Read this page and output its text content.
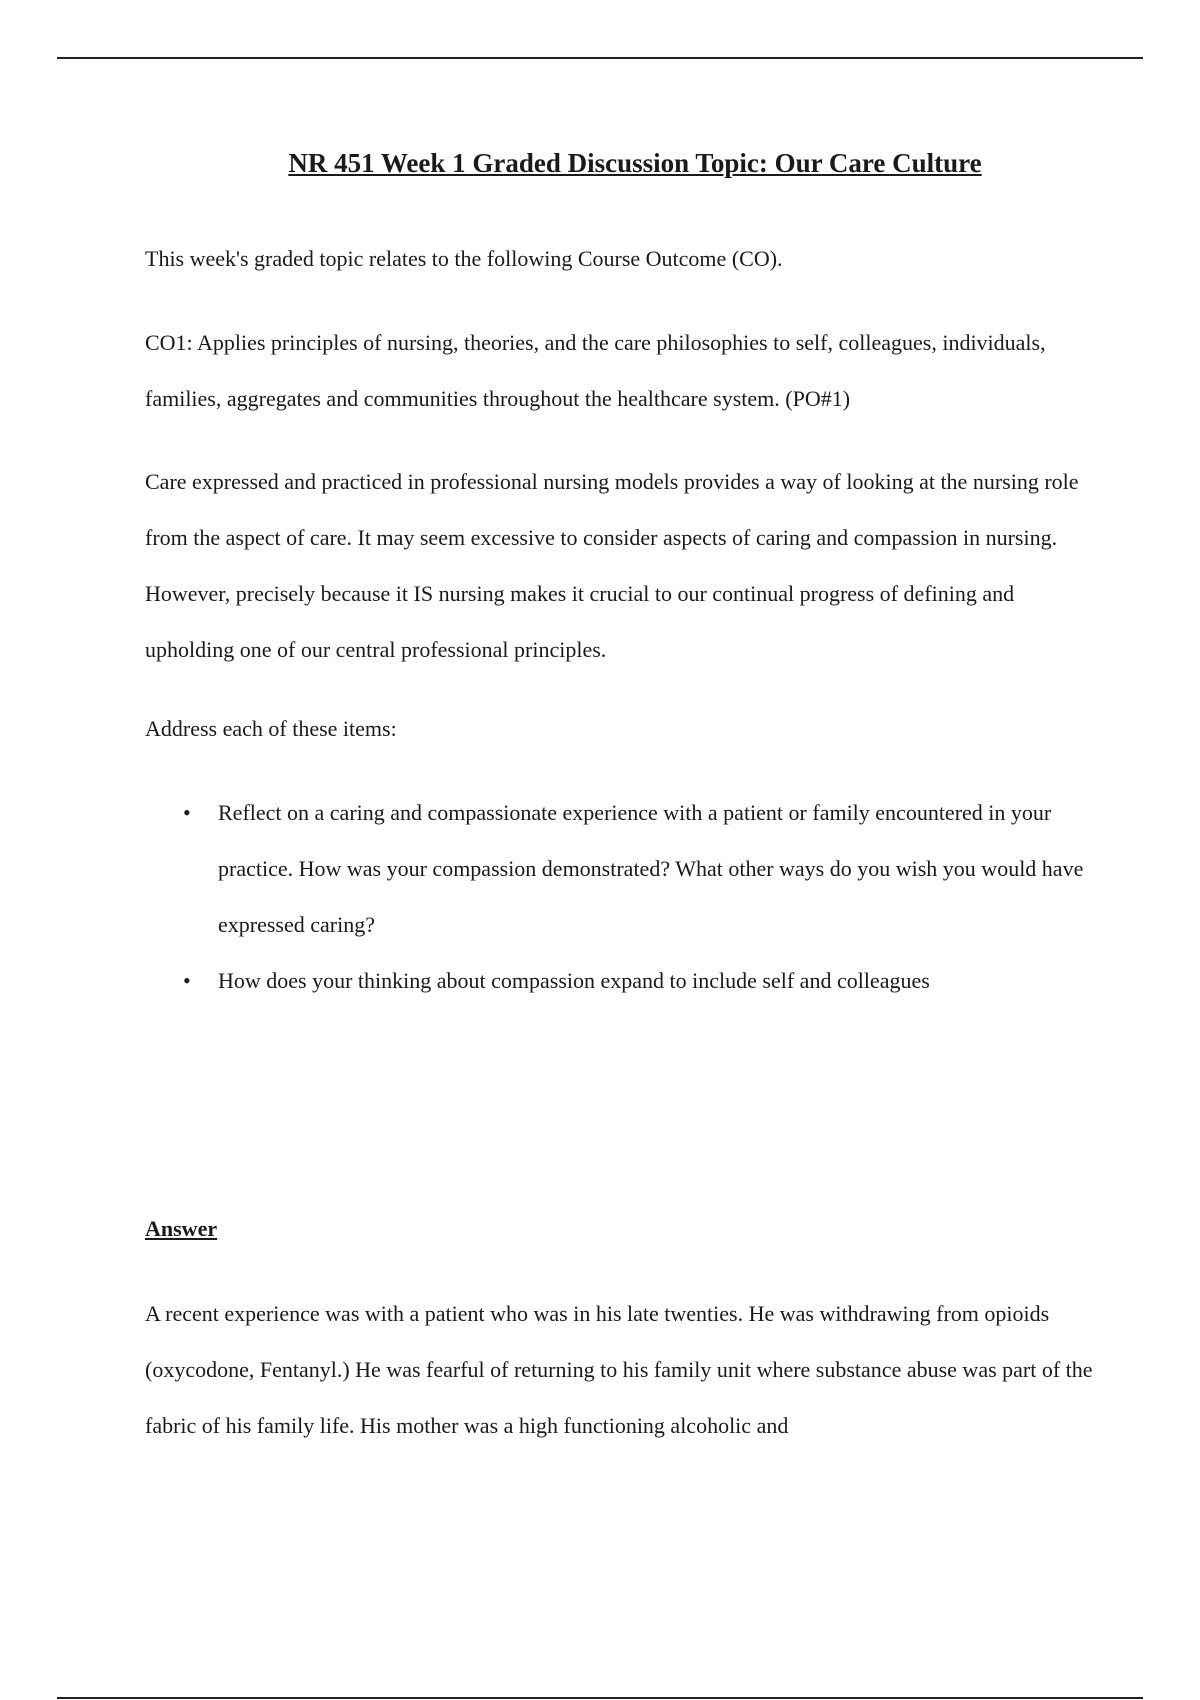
NR 451 Week 1 Graded Discussion Topic: Our Care Culture

This week's graded topic relates to the following Course Outcome (CO).

CO1: Applies principles of nursing, theories, and the care philosophies to self, colleagues, individuals, families, aggregates and communities throughout the healthcare system. (PO#1)

Care expressed and practiced in professional nursing models provides a way of looking at the nursing role from the aspect of care. It may seem excessive to consider aspects of caring and compassion in nursing. However, precisely because it IS nursing makes it crucial to our continual progress of defining and upholding one of our central professional principles.

Address each of these items:

• Reflect on a caring and compassionate experience with a patient or family encountered in your practice. How was your compassion demonstrated? What other ways do you wish you would have expressed caring?
• How does your thinking about compassion expand to include self and colleagues

Answer

A recent experience was with a patient who was in his late twenties. He was withdrawing from opioids (oxycodone, Fentanyl.) He was fearful of returning to his family unit where substance abuse was part of the fabric of his family life. His mother was a high functioning alcoholic and
